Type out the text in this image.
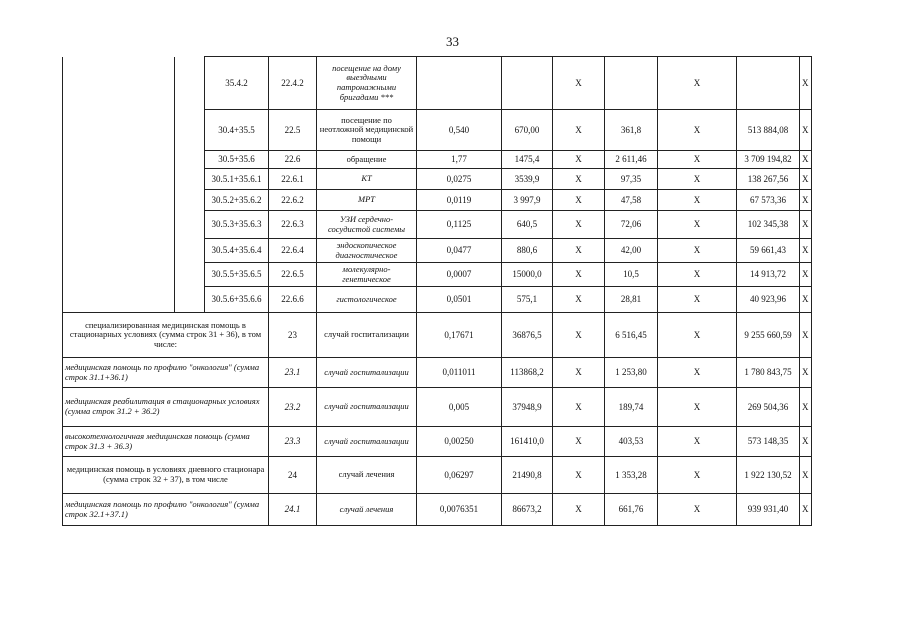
33
		35.4.2	22.4.2	посещение на дому выездными патронажными бригадами ***			Х		Х		Х
		30.4+35.5	22.5	посещение по неотложной медицинской помощи	0,540	670,00	Х	361,8	Х	513 884,08	Х
		30.5+35.6	22.6	обращение	1,77	1475,4	Х	2 611,46	Х	3 709 194,82	Х
		30.5.1+35.6.1	22.6.1	КТ	0,0275	3539,9	Х	97,35	Х	138 267,56	Х
		30.5.2+35.6.2	22.6.2	МРТ	0,0119	3 997,9	Х	47,58	Х	67 573,36	Х
		30.5.3+35.6.3	22.6.3	УЗИ сердечно-сосудистой системы	0,1125	640,5	Х	72,06	Х	102 345,38	Х
		30.5.4+35.6.4	22.6.4	эндоскопическое диагностическое	0,0477	880,6	Х	42,00	Х	59 661,43	Х
		30.5.5+35.6.5	22.6.5	молекулярно-генетическое	0,0007	15000,0	Х	10,5	Х	14 913,72	Х
		30.5.6+35.6.6	22.6.6	гистологическое	0,0501	575,1	Х	28,81	Х	40 923,96	Х
специализированная медицинская помощь в стационарных условиях (сумма строк 31 + 36), в том числе:			23	случай госпитализации	0,17671	36876,5	Х	6 516,45	Х	9 255 660,59	Х
медицинская помощь по профилю "онкология" (сумма строк 31.1+36.1)			23.1	случай госпитализации	0,011011	113868,2	Х	1 253,80	Х	1 780 843,75	Х
медицинская реабилитация в стационарных условиях (сумма строк 31.2 + 36.2)			23.2	случай госпитализации	0,005	37948,9	Х	189,74	Х	269 504,36	Х
высокотехнологичная медицинская помощь (сумма строк 31.3 + 36.3)			23.3	случай госпитализации	0,00250	161410,0	Х	403,53	Х	573 148,35	Х
медицинская помощь в условиях дневного стационара (сумма строк 32 + 37), в том числе			24	случай лечения	0,06297	21490,8	Х	1 353,28	Х	1 922 130,52	Х
медицинская помощь по профилю "онкология" (сумма строк 32.1+37.1)			24.1	случай лечения	0,0076351	86673,2	Х	661,76	Х	939 931,40	Х
